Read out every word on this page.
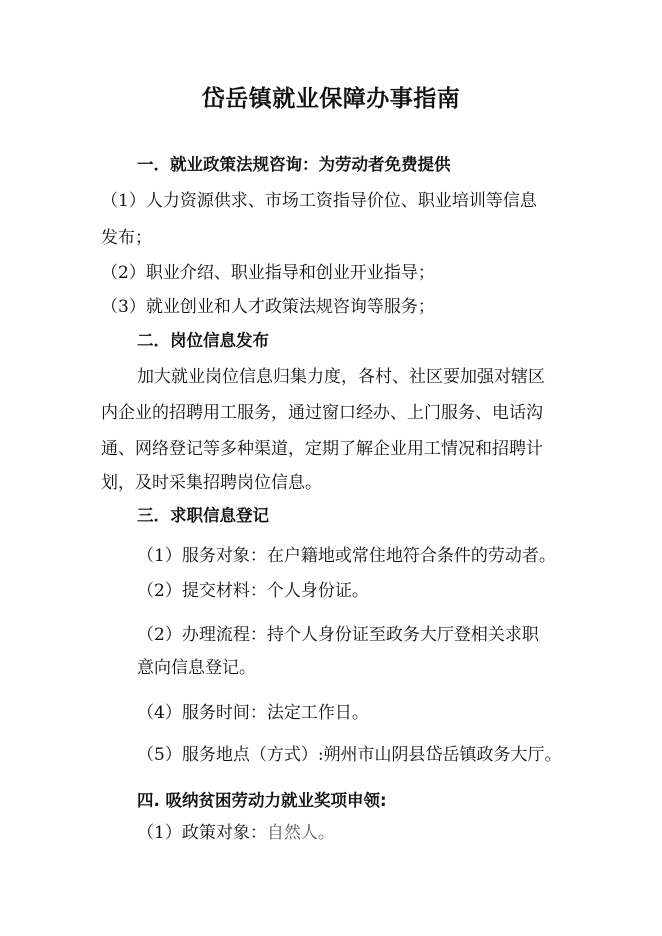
岱岳镇就业保障办事指南
一．就业政策法规咨询：为劳动者免费提供
（1）人力资源供求、市场工资指导价位、职业培训等信息
发布；
（2）职业介绍、职业指导和创业开业指导；
（3）就业创业和人才政策法规咨询等服务；
二．岗位信息发布
加大就业岗位信息归集力度，各村、社区要加强对辖区
内企业的招聘用工服务，通过窗口经办、上门服务、电话沟
通、网络登记等多种渠道，定期了解企业用工情况和招聘计
划，及时采集招聘岗位信息。
三．求职信息登记
（1）服务对象：在户籍地或常住地符合条件的劳动者。
（2）提交材料：个人身份证。
（2）办理流程：持个人身份证至政务大厅登相关求职
意向信息登记。
（4）服务时间：法定工作日。
（5）服务地点（方式）:朔州市山阴县岱岳镇政务大厅。
四. 吸纳贫困劳动力就业奖项申领:
（1）政策对象：自然人。
